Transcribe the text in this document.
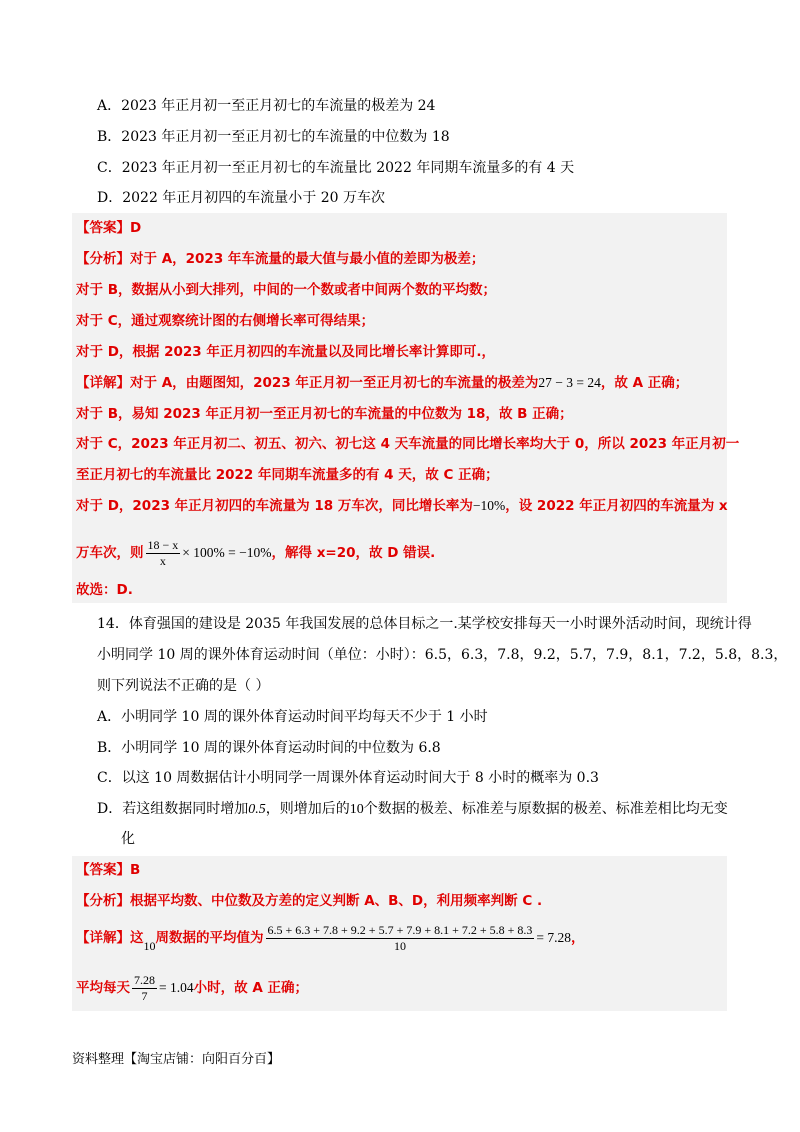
A．2023 年正月初一至正月初七的车流量的极差为 24
B．2023 年正月初一至正月初七的车流量的中位数为 18
C．2023 年正月初一至正月初七的车流量比 2022 年同期车流量多的有 4 天
D．2022 年正月初四的车流量小于 20 万车次
【答案】D
【分析】对于 A，2023 年车流量的最大值与最小值的差即为极差；
对于 B，数据从小到大排列，中间的一个数或者中间两个数的平均数；
对于 C，通过观察统计图的右侧增长率可得结果；
对于 D，根据 2023 年正月初四的车流量以及同比增长率计算即可.，
【详解】对于 A，由题图知，2023 年正月初一至正月初七的车流量的极差为27 − 3 = 24，故 A 正确；
对于 B，易知 2023 年正月初一至正月初七的车流量的中位数为 18，故 B 正确；
对于 C，2023 年正月初二、初五、初六、初七这 4 天车流量的同比增长率均大于 0，所以 2023 年正月初一
至正月初七的车流量比 2022 年同期车流量多的有 4 天，故 C 正确；
对于 D，2023 年正月初四的车流量为 18 万车次，同比增长率为−10%，设 2022 年正月初四的车流量为 x
万车次，则 $\frac{18 - x}{x} \times 100\% = -10\%$，解得 x=20，故 D 错误.
故选：D.
14．体育强国的建设是 2035 年我国发展的总体目标之一.某学校安排每天一小时课外活动时间，现统计得
小明同学 10 周的课外体育运动时间（单位：小时）：6.5，6.3，7.8，9.2，5.7，7.9，8.1，7.2，5.8，8.3，
则下列说法不正确的是（ ）
A．小明同学 10 周的课外体育运动时间平均每天不少于 1 小时
B．小明同学 10 周的课外体育运动时间的中位数为 6.8
C．以这 10 周数据估计小明同学一周课外体育运动时间大于 8 小时的概率为 0.3
D．若这组数据同时增加0.5，则增加后的10个数据的极差、标准差与原数据的极差、标准差相比均无变
化
【答案】B
【分析】根据平均数、中位数及方差的定义判断 A、B、D，利用频率判断 C .
【详解】这10周数据的平均值为 $\frac{6.5 + 6.3 + 7.8 + 9.2 + 5.7 + 7.9 + 8.1 + 7.2 + 5.8 + 8.3}{10} = 7.28$，
平均每天 $\frac{7.28}{7} = 1.04$小时，故 A 正确；
资料整理【淘宝店铺：向阳百分百】
